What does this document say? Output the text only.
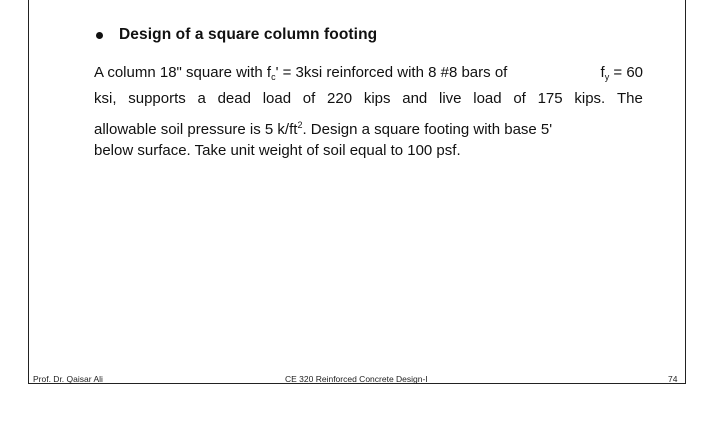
Design of a square column footing
A column 18" square with $f_c' = 3ksi$ reinforced with 8 #8 bars of	$f_y = 60$
ksi, supports a dead load of 220 kips and live load of 175 kips. The
allowable soil pressure is 5 $k/ft^2$. Design a square footing with base 5'
below surface. Take unit weight of soil equal to 100 psf.
Prof. Dr. Qaisar Ali	CE 320 Reinforced Concrete Design-I	74
